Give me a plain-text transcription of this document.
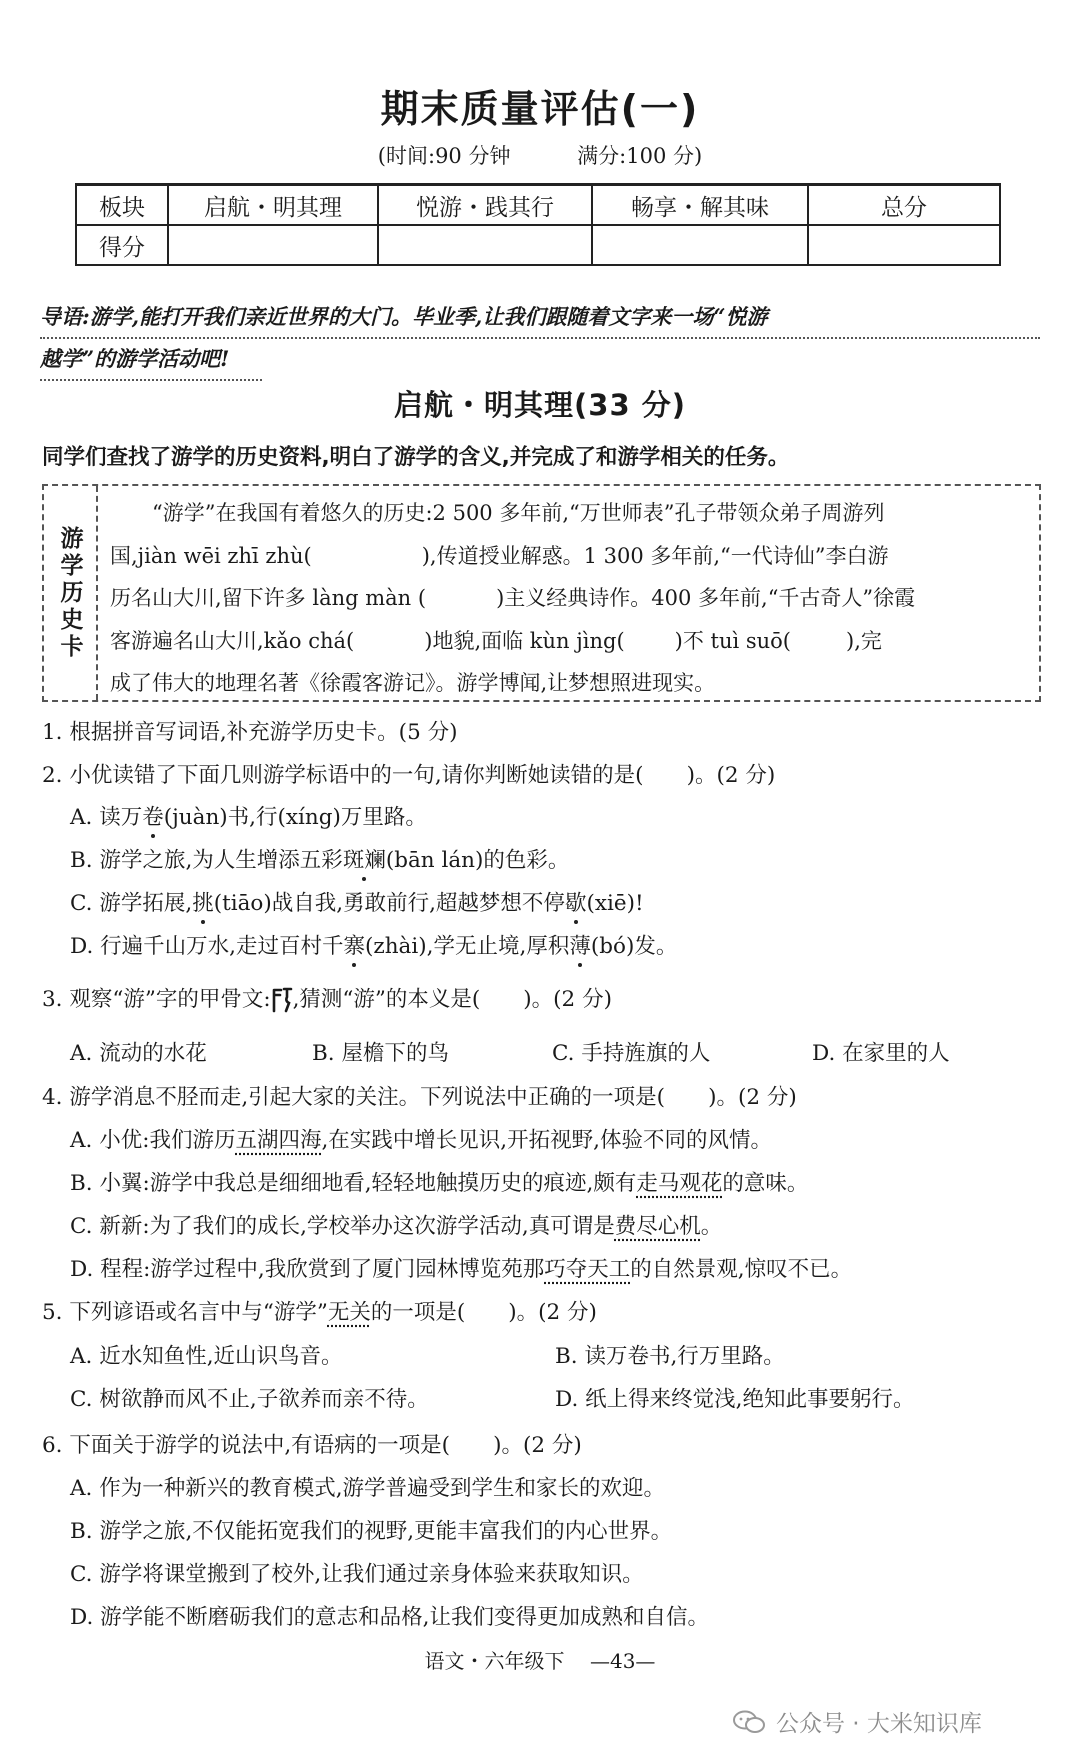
期末质量评估(一)
(时间:90 分钟	满分:100 分)
板块	启航・明其理	悦游・践其行	畅享・解其味	总分
得分				
导语:游学,能打开我们亲近世界的大门。毕业季,让我们跟随着文字来一场“悦游
越学”的游学活动吧!
启航・明其理(33 分)
同学们查找了游学的历史资料,明白了游学的含义,并完成了和游学相关的任务。
游学历史卡
“游学”在我国有着悠久的历史:2 500 多年前,“万世师表”孔子带领众弟子周游列
国,jiàn wēi zhī zhù(	),传道授业解惑。1 300 多年前,“一代诗仙”李白游
历名山大川,留下许多 làng màn (	)主义经典诗作。400 多年前,“千古奇人”徐霞
客游遍名山大川,kǎo chá(	)地貌,面临 kùn jìng( )不 tuì suō(	),完
成了伟大的地理名著《徐霞客游记》。游学博闻,让梦想照进现实。
1. 根据拼音写词语,补充游学历史卡。(5 分)
2. 小优读错了下面几则游学标语中的一句,请你判断她读错的是(　　)。(2 分)
A. 读万卷(juàn)书,行(xíng)万里路。
B. 游学之旅,为人生增添五彩斑斓(bān lán)的色彩。
C. 游学拓展,挑(tiāo)战自我,勇敢前行,超越梦想不停歇(xiē)!
D. 行遍千山万水,走过百村千寨(zhài),学无止境,厚积薄(bó)发。
3. 观察“游”字的甲骨文: ,猜测“游”的本义是(　　)。(2 分)
A. 流动的水花	B. 屋檐下的鸟	C. 手持旌旗的人	D. 在家里的人
4. 游学消息不胫而走,引起大家的关注。下列说法中正确的一项是(　　)。(2 分)
A. 小优:我们游历五湖四海,在实践中增长见识,开拓视野,体验不同的风情。
B. 小翼:游学中我总是细细地看,轻轻地触摸历史的痕迹,颇有走马观花的意味。
C. 新新:为了我们的成长,学校举办这次游学活动,真可谓是费尽心机。
D. 程程:游学过程中,我欣赏到了厦门园林博览苑那巧夺天工的自然景观,惊叹不已。
5. 下列谚语或名言中与“游学”无关的一项是(　　)。(2 分)
A. 近水知鱼性,近山识鸟音。	B. 读万卷书,行万里路。
C. 树欲静而风不止,子欲养而亲不待。	D. 纸上得来终觉浅,绝知此事要躬行。
6. 下面关于游学的说法中,有语病的一项是(　　)。(2 分)
A. 作为一种新兴的教育模式,游学普遍受到学生和家长的欢迎。
B. 游学之旅,不仅能拓宽我们的视野,更能丰富我们的内心世界。
C. 游学将课堂搬到了校外,让我们通过亲身体验来获取知识。
D. 游学能不断磨砺我们的意志和品格,让我们变得更加成熟和自信。
语文・六年级下 —43—
公众号 · 大米知识库
